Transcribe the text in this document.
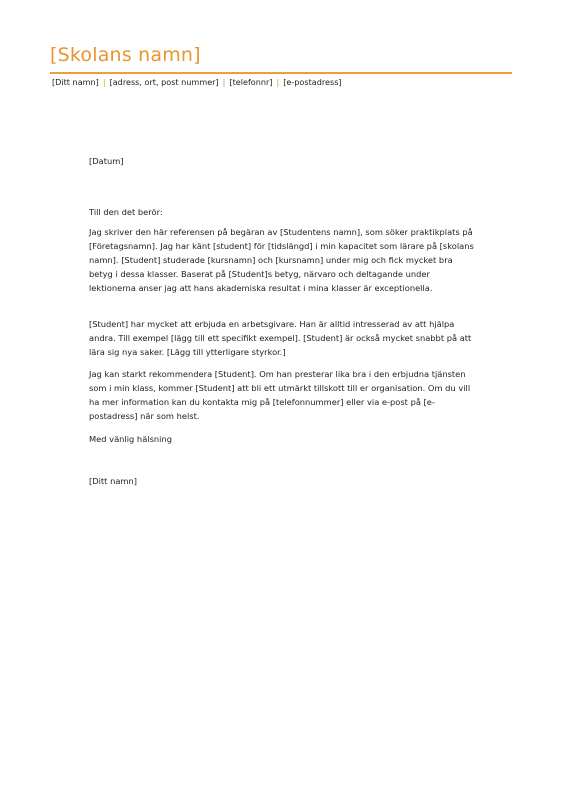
[Skolans namn]
[Ditt namn] | [adress, ort, post nummer] | [telefonnr] | [e-postadress]
[Datum]
Till den det berör:

Jag skriver den här referensen på begäran av [Studentens namn], som söker praktikplats på [Företagsnamn]. Jag har känt [student] för [tidslängd] i min kapacitet som lärare på [skolans namn]. [Student] studerade [kursnamn] och [kursnamn] under mig och fick mycket bra betyg i dessa klasser. Baserat på [Student]s betyg, närvaro och deltagande under lektionerna anser jag att hans akademiska resultat i mina klasser är exceptionella.

[Student] har mycket att erbjuda en arbetsgivare. Han är alltid intresserad av att hjälpa andra. Till exempel [lägg till ett specifikt exempel]. [Student] är också mycket snabbt på att lära sig nya saker. [Lägg till ytterligare styrkor.]

Jag kan starkt rekommendera [Student]. Om han presterar lika bra i den erbjudna tjänsten som i min klass, kommer [Student] att bli ett utmärkt tillskott till er organisation. Om du vill ha mer information kan du kontakta mig på [telefonnummer] eller via e-post på [e-postadress] när som helst.

Med vänlig hälsning
[Ditt namn]
